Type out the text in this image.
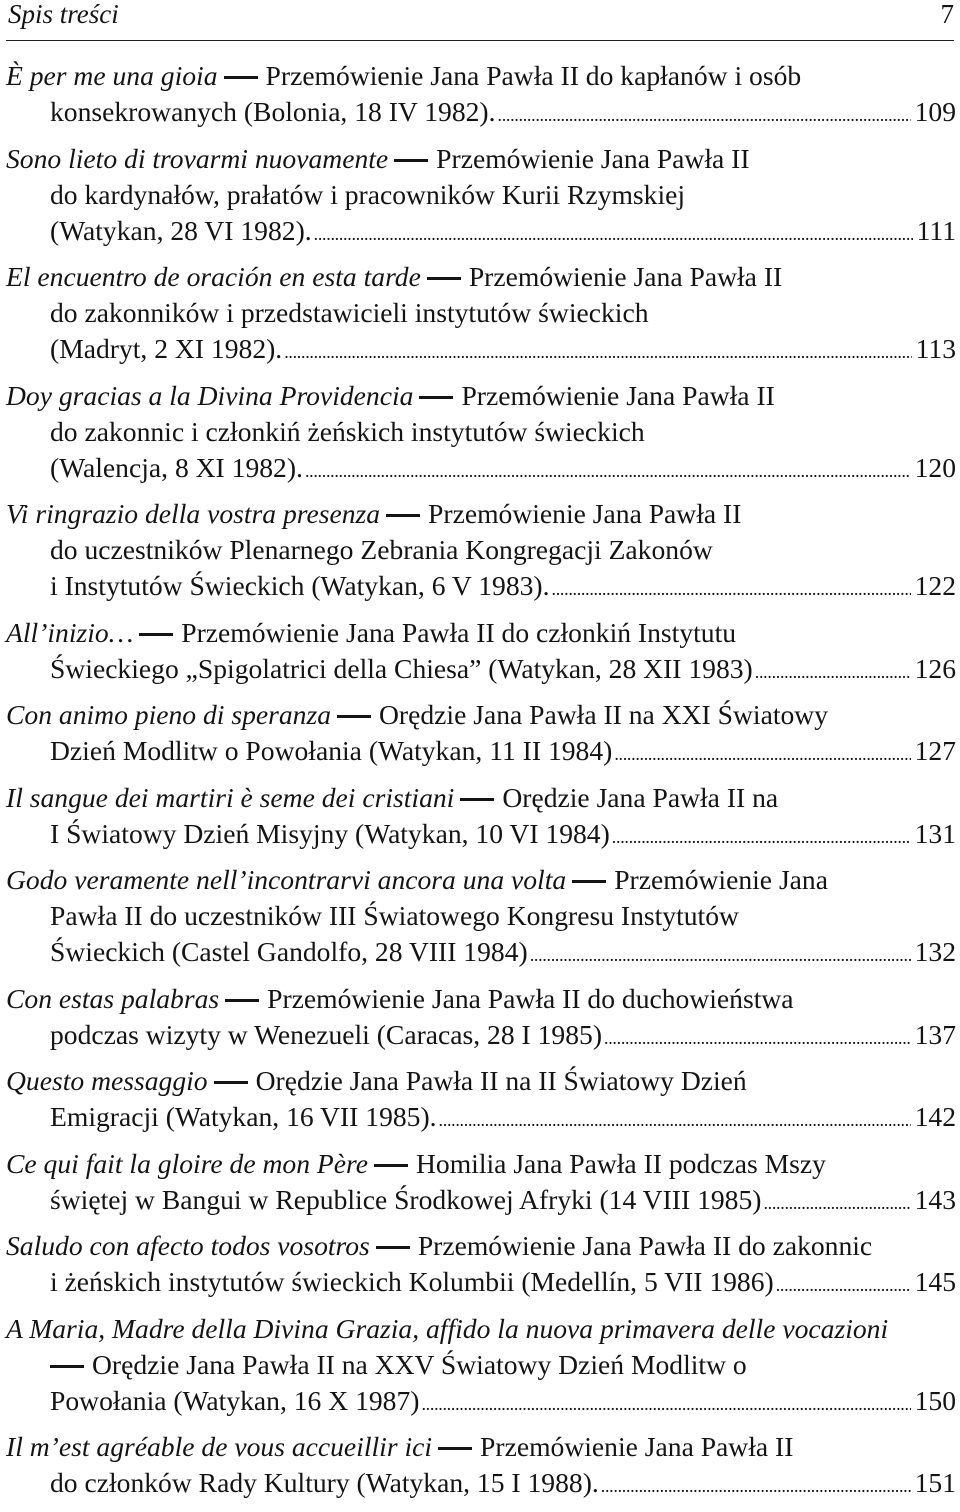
Spis treści	7
È per me una gioia Przemówienie Jana Pawła II do kapłanów i osób
konsekrowanych (Bolonia, 18 IV 1982). . . .	109
Sono lieto di trovarmi nuovamente Przemówienie Jana Pawła II
do kardynałów, prałatów i pracowników Kurii Rzymskiej
(Watykan, 28 VI 1982). . . .	111
El encuentro de oración en esta tarde Przemówienie Jana Pawła II
do zakonników i przedstawicieli instytutów świeckich
(Madryt, 2 XI 1982). . . .	113
Doy gracias a la Divina Providencia Przemówienie Jana Pawła II
do zakonnic i członkiń żeńskich instytutów świeckich
(Walencja, 8 XI 1982). . . .	120
Vi ringrazio della vostra presenza Przemówienie Jana Pawła II
do uczestników Plenarnego Zebrania Kongregacji Zakonów
i Instytutów Świeckich (Watykan, 6 V 1983). . . .	122
All’inizio… Przemówienie Jana Pawła II do członkiń Instytutu
Świeckiego „Spigolatrici della Chiesa” (Watykan, 28 XII 1983) . . .	126
Con animo pieno di speranza Orędzie Jana Pawła II na XXI Światowy
Dzień Modlitw o Powołania (Watykan, 11 II 1984) . . .	127
Il sangue dei martiri è seme dei cristiani Orędzie Jana Pawła II na
I Światowy Dzień Misyjny (Watykan, 10 VI 1984) . . .	131
Godo veramente nell’incontrarvi ancora una volta Przemówienie Jana
Pawła II do uczestników III Światowego Kongresu Instytutów
Świeckich (Castel Gandolfo, 28 VIII 1984) . . .	132
Con estas palabras Przemówienie Jana Pawła II do duchowieństwa
podczas wizyty w Wenezueli (Caracas, 28 I 1985) . . .	137
Questo messaggio Orędzie Jana Pawła II na II Światowy Dzień
Emigracji (Watykan, 16 VII 1985). . . .	142
Ce qui fait la gloire de mon Père Homilia Jana Pawła II podczas Mszy
świętej w Bangui w Republice Środkowej Afryki (14 VIII 1985) . . .	143
Saludo con afecto todos vosotros Przemówienie Jana Pawła II do zakonnic
i żeńskich instytutów świeckich Kolumbii (Medellín, 5 VII 1986) . . .	145
A Maria, Madre della Divina Grazia, affido la nuova primavera delle vocazioni
Orędzie Jana Pawła II na XXV Światowy Dzień Modlitw o
Powołania (Watykan, 16 X 1987) . . .	150
Il m’est agréable de vous accueillir ici Przemówienie Jana Pawła II
do członków Rady Kultury (Watykan, 15 I 1988). . . .	151
